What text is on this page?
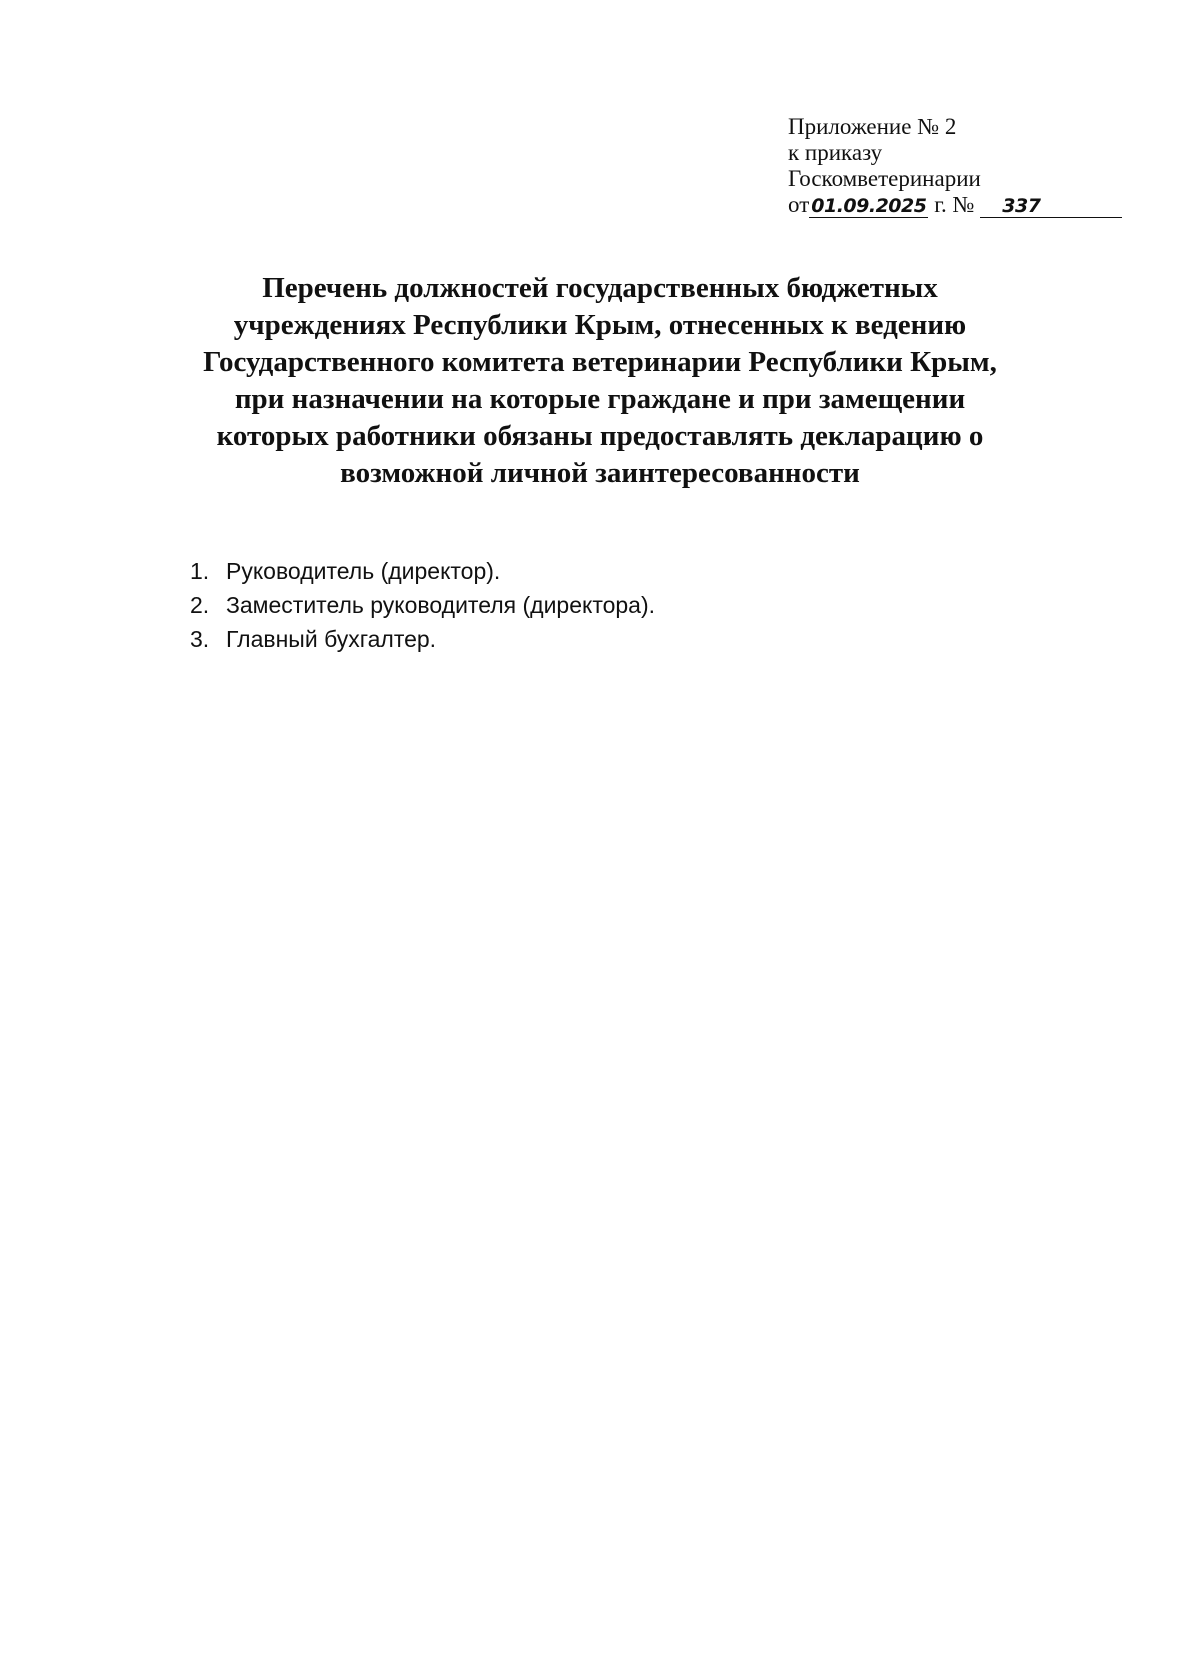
Приложение № 2
к приказу
Госкомветеринарии
от 01.09.2025 г. № 337
Перечень должностей государственных бюджетных
учреждениях Республики Крым, отнесенных к ведению
Государственного комитета ветеринарии Республики Крым,
при назначении на которые граждане и при замещении
которых работники обязаны предоставлять декларацию о
возможной личной заинтересованности
1. Руководитель (директор).
2. Заместитель руководителя (директора).
3. Главный бухгалтер.
